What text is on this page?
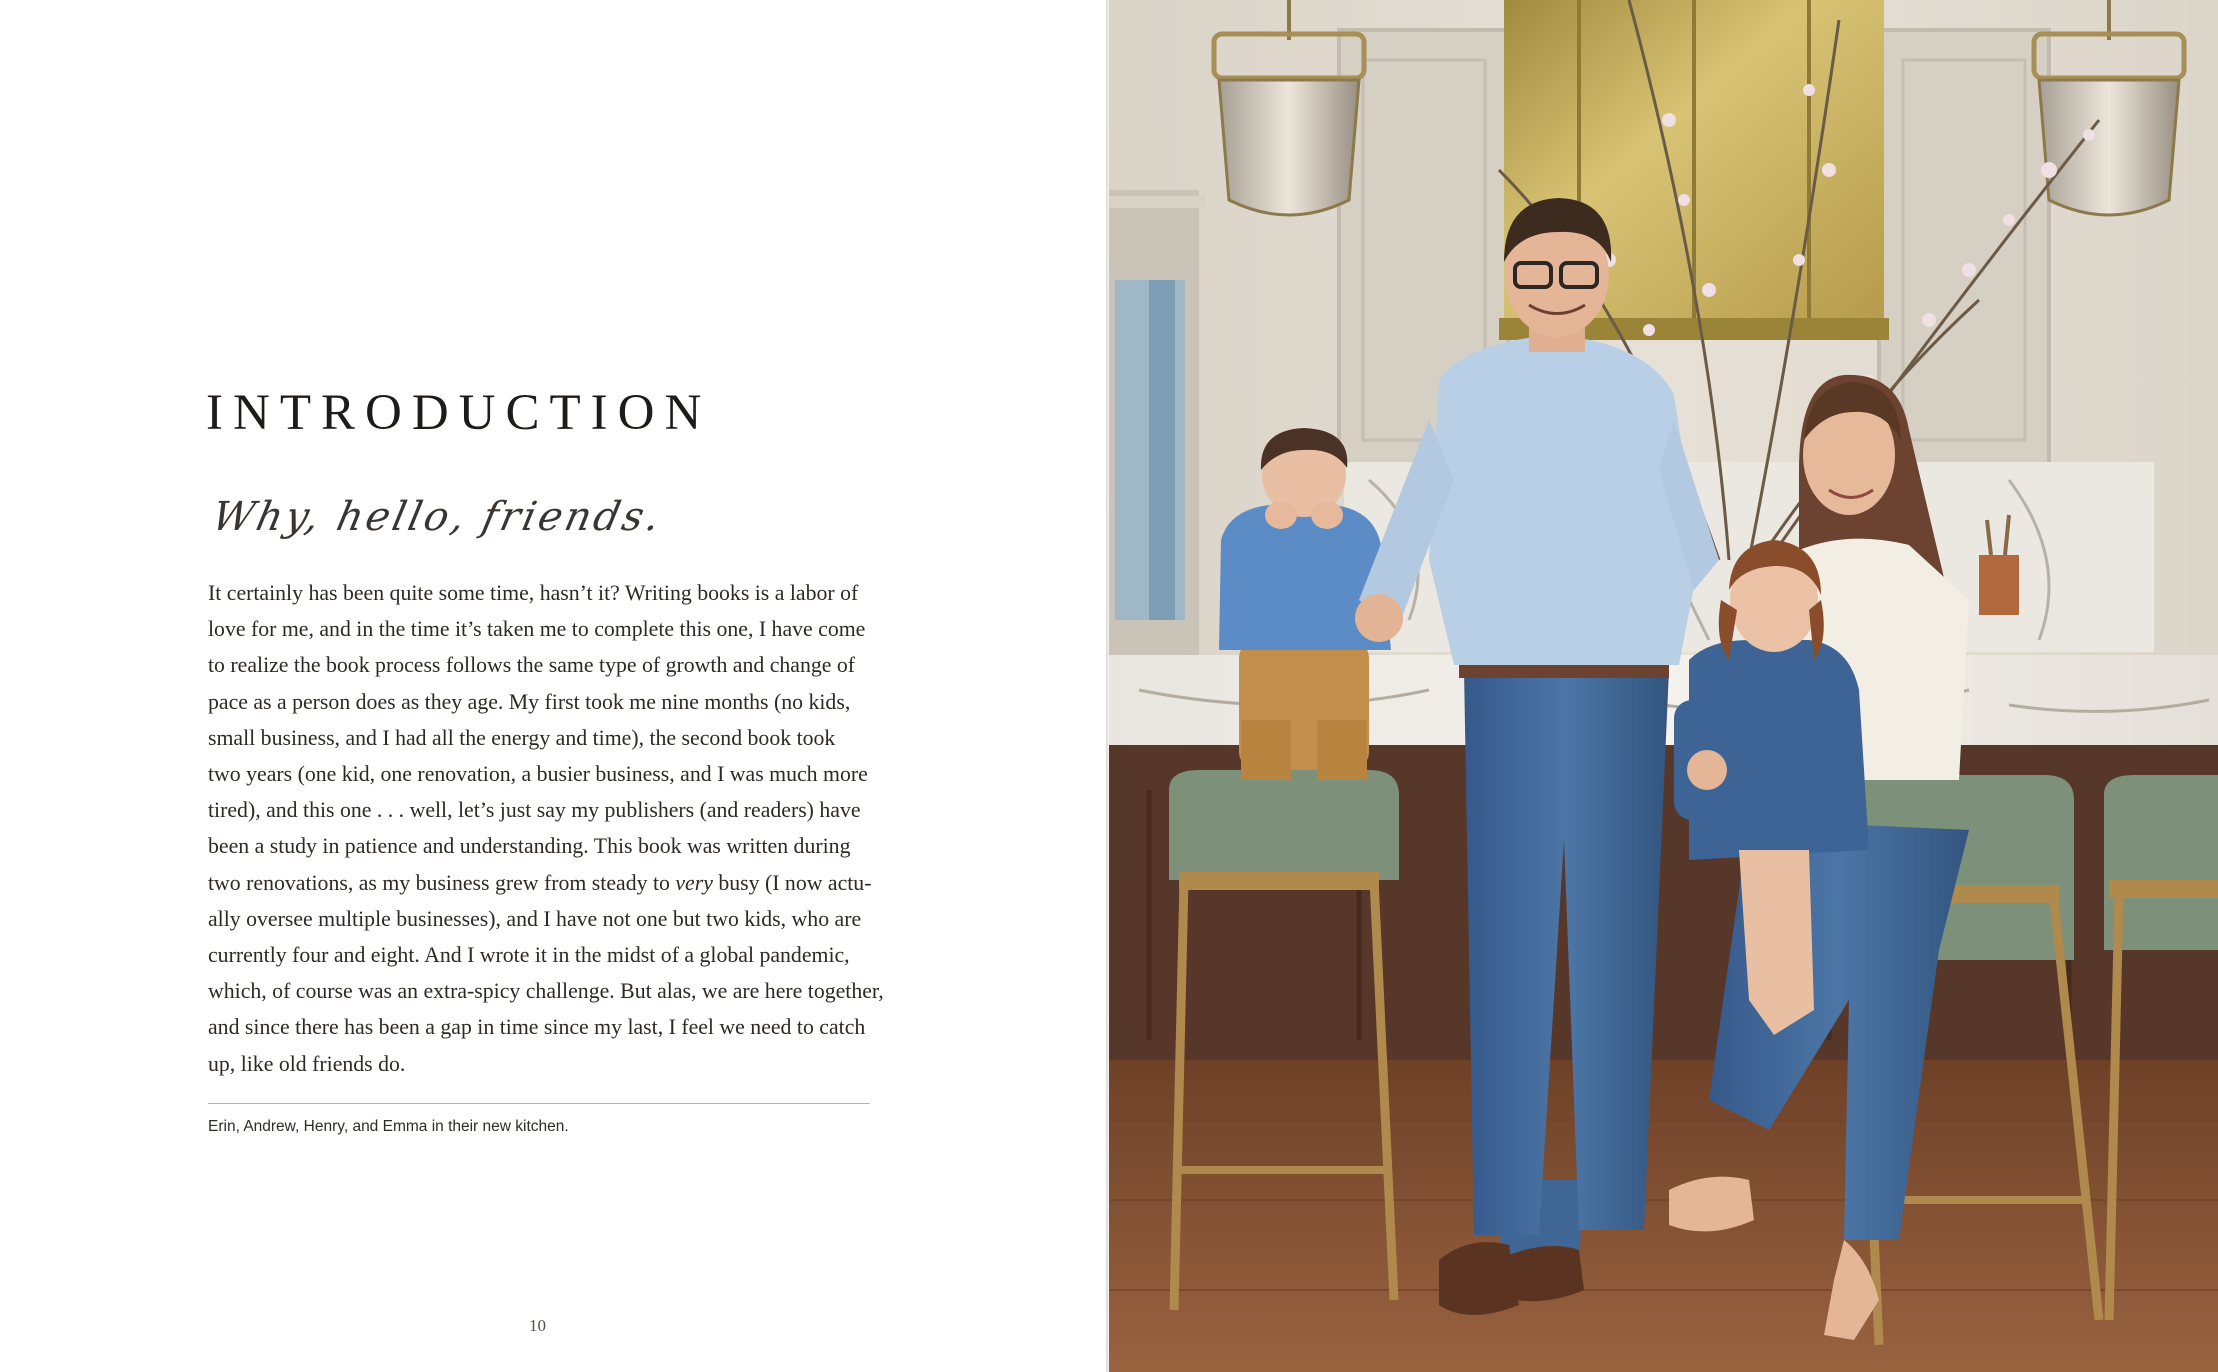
INTRODUCTION

Why, hello, friends.

It certainly has been quite some time, hasn’t it? Writing books is a labor of
love for me, and in the time it’s taken me to complete this one, I have come
to realize the book process follows the same type of growth and change of
pace as a person does as they age. My first took me nine months (no kids,
small business, and I had all the energy and time), the second book took
two years (one kid, one renovation, a busier business, and I was much more
tired), and this one . . . well, let’s just say my publishers (and readers) have
been a study in patience and understanding. This book was written during
two renovations, as my business grew from steady to very busy (I now actu-
ally oversee multiple businesses), and I have not one but two kids, who are
currently four and eight. And I wrote it in the midst of a global pandemic,
which, of course was an extra-spicy challenge. But alas, we are here together,
and since there has been a gap in time since my last, I feel we need to catch
up, like old friends do.

Erin, Andrew, Henry, and Emma in their new kitchen.

10
